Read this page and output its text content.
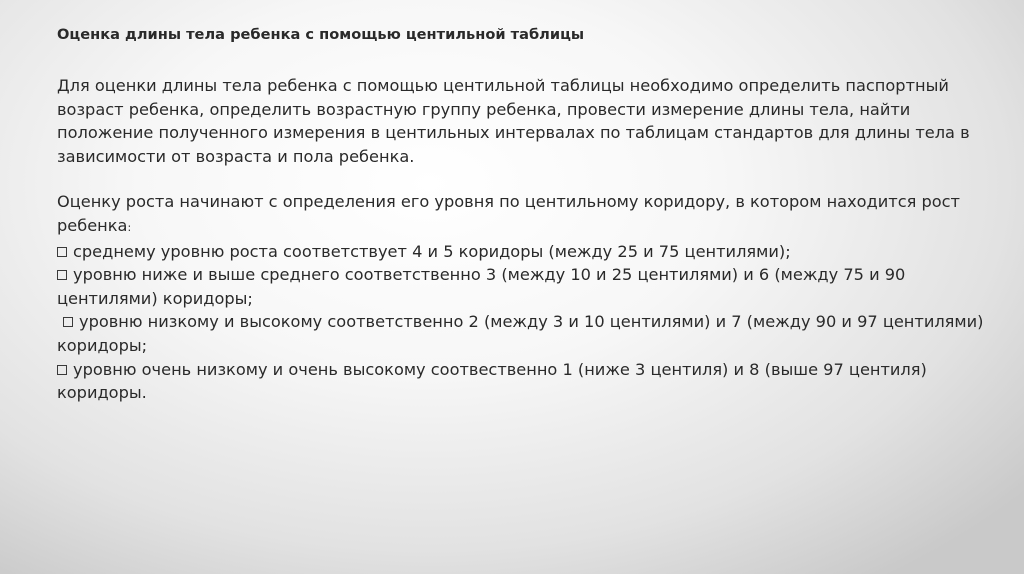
Оценка длины тела ребенка с помощью центильной таблицы
Для оценки длины тела ребенка с помощью центильной таблицы необходимо определить паспортный
возраст ребенка, определить возрастную группу ребенка, провести измерение длины тела, найти
положение полученного измерения в центильных интервалах по таблицам стандартов для длины тела в
зависимости от возраста и пола ребенка.
Оценку роста начинают с определения его уровня по центильному коридору, в котором находится рост
ребенка:
среднему уровню роста соответствует 4 и 5 коридоры (между 25 и 75 центилями);
уровню ниже и выше среднего соответственно 3 (между 10 и 25 центилями) и 6 (между 75 и 90
центилями) коридоры;
уровню низкому и высокому соответственно 2 (между 3 и 10 центилями) и 7 (между 90 и 97 центилями)
коридоры;
уровню очень низкому и очень высокому соотвественно 1 (ниже 3 центиля) и 8 (выше 97 центиля)
коридоры.
